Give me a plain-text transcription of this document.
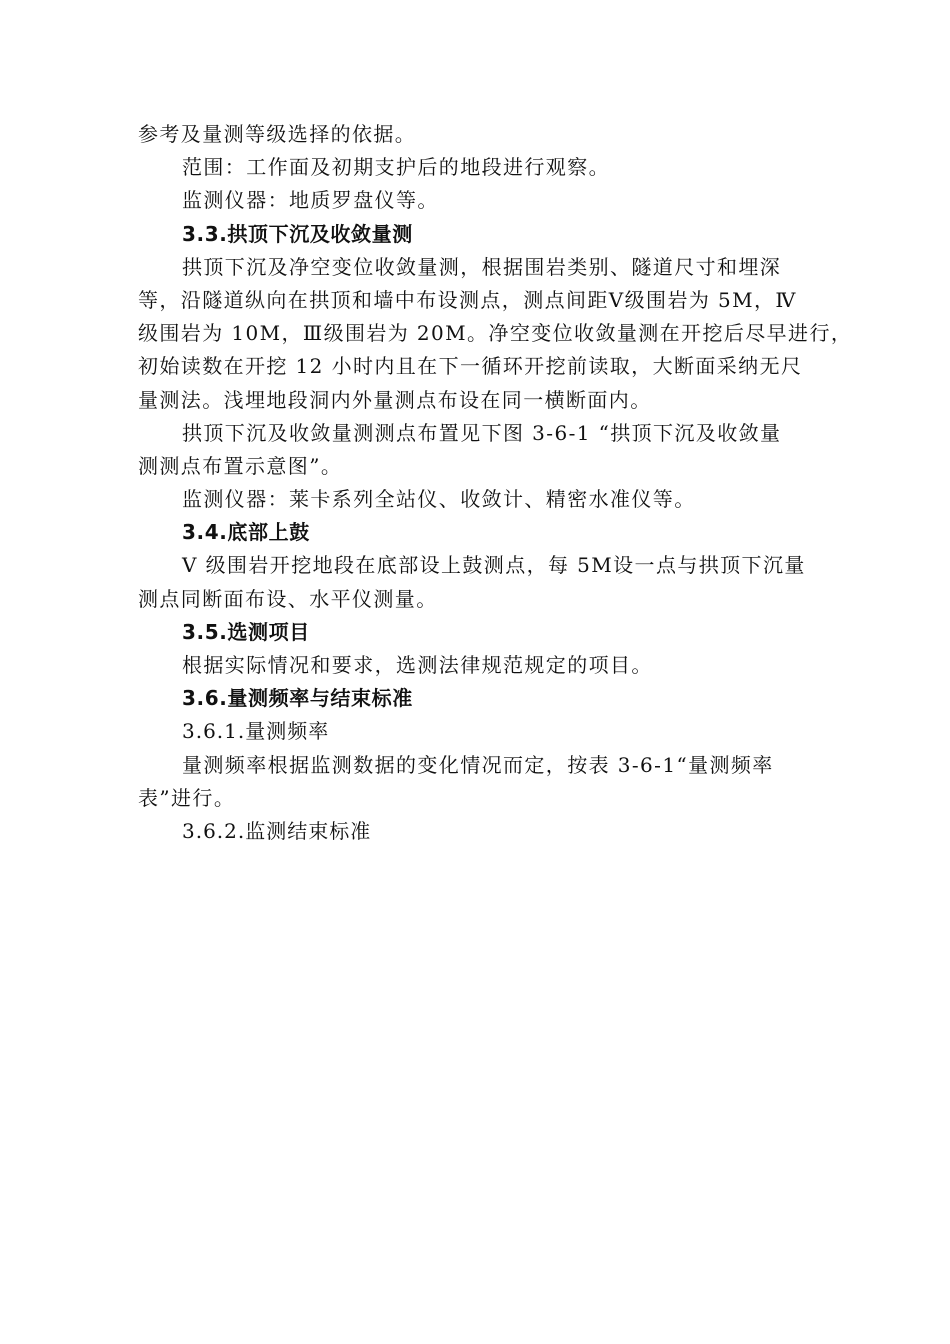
参考及量测等级选择的依据。
范围：工作面及初期支护后的地段进行观察。
监测仪器：地质罗盘仪等。
3.3.拱顶下沉及收敛量测
拱顶下沉及净空变位收敛量测，根据围岩类别、隧道尺寸和埋深
等，沿隧道纵向在拱顶和墙中布设测点，测点间距Ⅴ级围岩为 5M，Ⅳ
级围岩为 10M，Ⅲ级围岩为 20M。净空变位收敛量测在开挖后尽早进行，
初始读数在开挖 12 小时内且在下一循环开挖前读取，大断面采纳无尺
量测法。浅埋地段洞内外量测点布设在同一横断面内。
拱顶下沉及收敛量测测点布置见下图 3-6-1 “拱顶下沉及收敛量
测测点布置示意图”。
监测仪器：莱卡系列全站仪、收敛计、精密水准仪等。
3.4.底部上鼓
Ⅴ 级围岩开挖地段在底部设上鼓测点，每 5M设一点与拱顶下沉量
测点同断面布设、水平仪测量。
3.5.选测项目
根据实际情况和要求，选测法律规范规定的项目。
3.6.量测频率与结束标准
3.6.1.量测频率
量测频率根据监测数据的变化情况而定，按表 3-6-1“量测频率
表”进行。
3.6.2.监测结束标准
